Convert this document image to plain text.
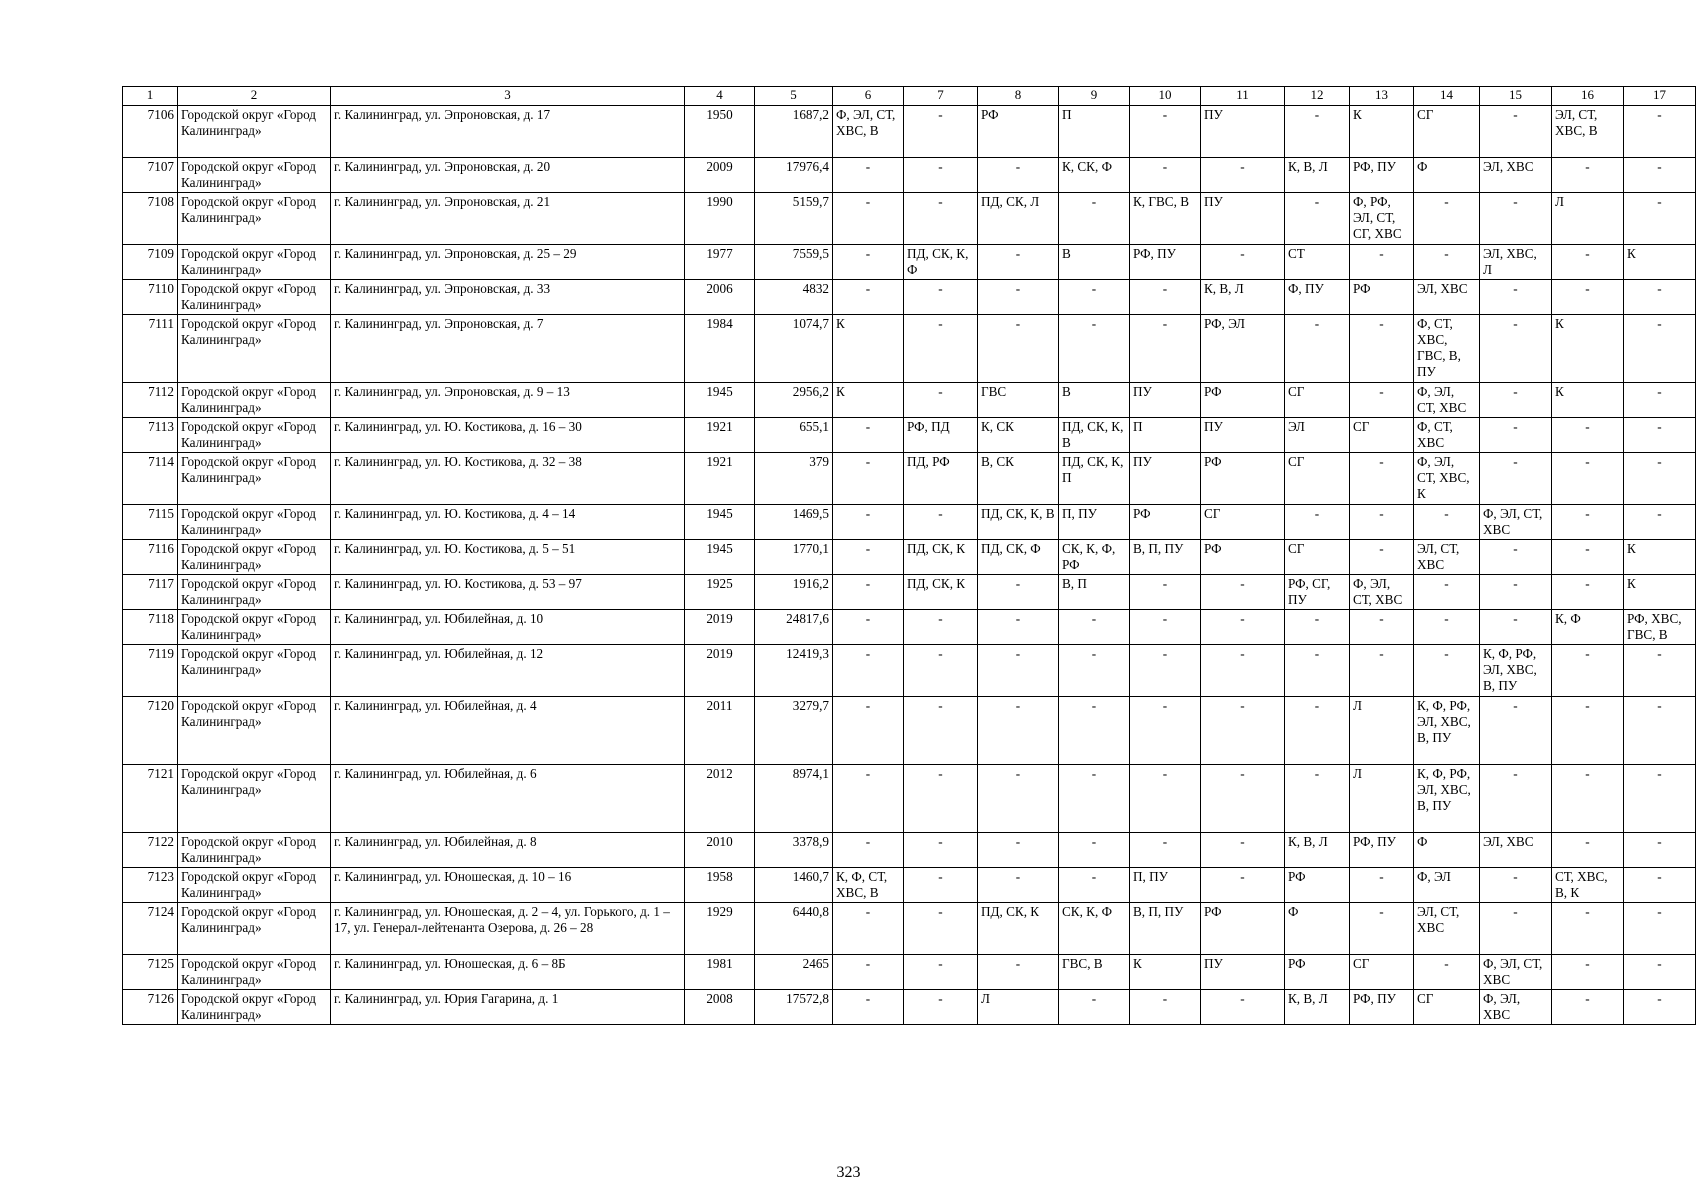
1	2	3	4	5	6	7	8	9	10	11	12	13	14	15	16	17
7106	Городской округ «Город Калининград»	г. Калининград, ул. Эпроновская, д. 17	1950	1687,2	Ф, ЭЛ, СТ, ХВС, В	-	РФ	П	-	ПУ	-	К	СГ	-	ЭЛ, СТ, ХВС, В	-
7107	Городской округ «Город Калининград»	г. Калининград, ул. Эпроновская, д. 20	2009	17976,4	-	-	-	К, СК, Ф	-	-	К, В, Л	РФ, ПУ	Ф	ЭЛ, ХВС	-	-
7108	Городской округ «Город Калининград»	г. Калининград, ул. Эпроновская, д. 21	1990	5159,7	-	-	ПД, СК, Л	-	К, ГВС, В	ПУ	-	Ф, РФ, ЭЛ, СТ, СГ, ХВС	-	-	Л	-
7109	Городской округ «Город Калининград»	г. Калининград, ул. Эпроновская, д. 25 – 29	1977	7559,5	-	ПД, СК, К, Ф	-	В	РФ, ПУ	-	СТ	-	-	ЭЛ, ХВС, Л	-	К
7110	Городской округ «Город Калининград»	г. Калининград, ул. Эпроновская, д. 33	2006	4832	-	-	-	-	-	К, В, Л	Ф, ПУ	РФ	ЭЛ, ХВС	-	-	-
7111	Городской округ «Город Калининград»	г. Калининград, ул. Эпроновская, д. 7	1984	1074,7	К	-	-	-	-	РФ, ЭЛ	-	-	Ф, СТ, ХВС, ГВС, В, ПУ	-	К	-
7112	Городской округ «Город Калининград»	г. Калининград, ул. Эпроновская, д. 9 – 13	1945	2956,2	К	-	ГВС	В	ПУ	РФ	СГ	-	Ф, ЭЛ, СТ, ХВС	-	К	-
7113	Городской округ «Город Калининград»	г. Калининград, ул. Ю. Костикова, д. 16 – 30	1921	655,1	-	РФ, ПД	К, СК	ПД, СК, К, В	П	ПУ	ЭЛ	СГ	Ф, СТ, ХВС	-	-	-
7114	Городской округ «Город Калининград»	г. Калининград, ул. Ю. Костикова, д. 32 – 38	1921	379	-	ПД, РФ	В, СК	ПД, СК, К, П	ПУ	РФ	СГ	-	Ф, ЭЛ, СТ, ХВС, К	-	-	-
7115	Городской округ «Город Калининград»	г. Калининград, ул. Ю. Костикова, д. 4 – 14	1945	1469,5	-	-	ПД, СК, К, В	П, ПУ	РФ	СГ	-	-	-	Ф, ЭЛ, СТ, ХВС	-	-
7116	Городской округ «Город Калининград»	г. Калининград, ул. Ю. Костикова, д. 5 – 51	1945	1770,1	-	ПД, СК, К	ПД, СК, Ф	СК, К, Ф, РФ	В, П, ПУ	РФ	СГ	-	ЭЛ, СТ, ХВС	-	-	К
7117	Городской округ «Город Калининград»	г. Калининград, ул. Ю. Костикова, д. 53 – 97	1925	1916,2	-	ПД, СК, К	-	В, П	-	-	РФ, СГ, ПУ	Ф, ЭЛ, СТ, ХВС	-	-	-	К
7118	Городской округ «Город Калининград»	г. Калининград, ул. Юбилейная, д. 10	2019	24817,6	-	-	-	-	-	-	-	-	-	-	К, Ф	РФ, ХВС, ГВС, В
7119	Городской округ «Город Калининград»	г. Калининград, ул. Юбилейная, д. 12	2019	12419,3	-	-	-	-	-	-	-	-	-	К, Ф, РФ, ЭЛ, ХВС, В, ПУ	-	-
7120	Городской округ «Город Калининград»	г. Калининград, ул. Юбилейная, д. 4	2011	3279,7	-	-	-	-	-	-	-	Л	К, Ф, РФ, ЭЛ, ХВС, В, ПУ	-	-	-
7121	Городской округ «Город Калининград»	г. Калининград, ул. Юбилейная, д. 6	2012	8974,1	-	-	-	-	-	-	-	Л	К, Ф, РФ, ЭЛ, ХВС, В, ПУ	-	-	-
7122	Городской округ «Город Калининград»	г. Калининград, ул. Юбилейная, д. 8	2010	3378,9	-	-	-	-	-	-	К, В, Л	РФ, ПУ	Ф	ЭЛ, ХВС	-	-
7123	Городской округ «Город Калининград»	г. Калининград, ул. Юношеская, д. 10 – 16	1958	1460,7	К, Ф, СТ, ХВС, В	-	-	-	П, ПУ	-	РФ	-	Ф, ЭЛ	-	СТ, ХВС, В, К	-
7124	Городской округ «Город Калининград»	г. Калининград, ул. Юношеская, д. 2 – 4, ул. Горького, д. 1 – 17, ул. Генерал-лейтенанта Озерова, д. 26 – 28	1929	6440,8	-	-	ПД, СК, К	СК, К, Ф	В, П, ПУ	РФ	Ф	-	ЭЛ, СТ, ХВС	-	-	-
7125	Городской округ «Город Калининград»	г. Калининград, ул. Юношеская, д. 6 – 8Б	1981	2465	-	-	-	ГВС, В	К	ПУ	РФ	СГ	-	Ф, ЭЛ, СТ, ХВС	-	-
7126	Городской округ «Город Калининград»	г. Калининград, ул. Юрия Гагарина, д. 1	2008	17572,8	-	-	Л	-	-	-	К, В, Л	РФ, ПУ	СГ	Ф, ЭЛ, ХВС	-	-
323
